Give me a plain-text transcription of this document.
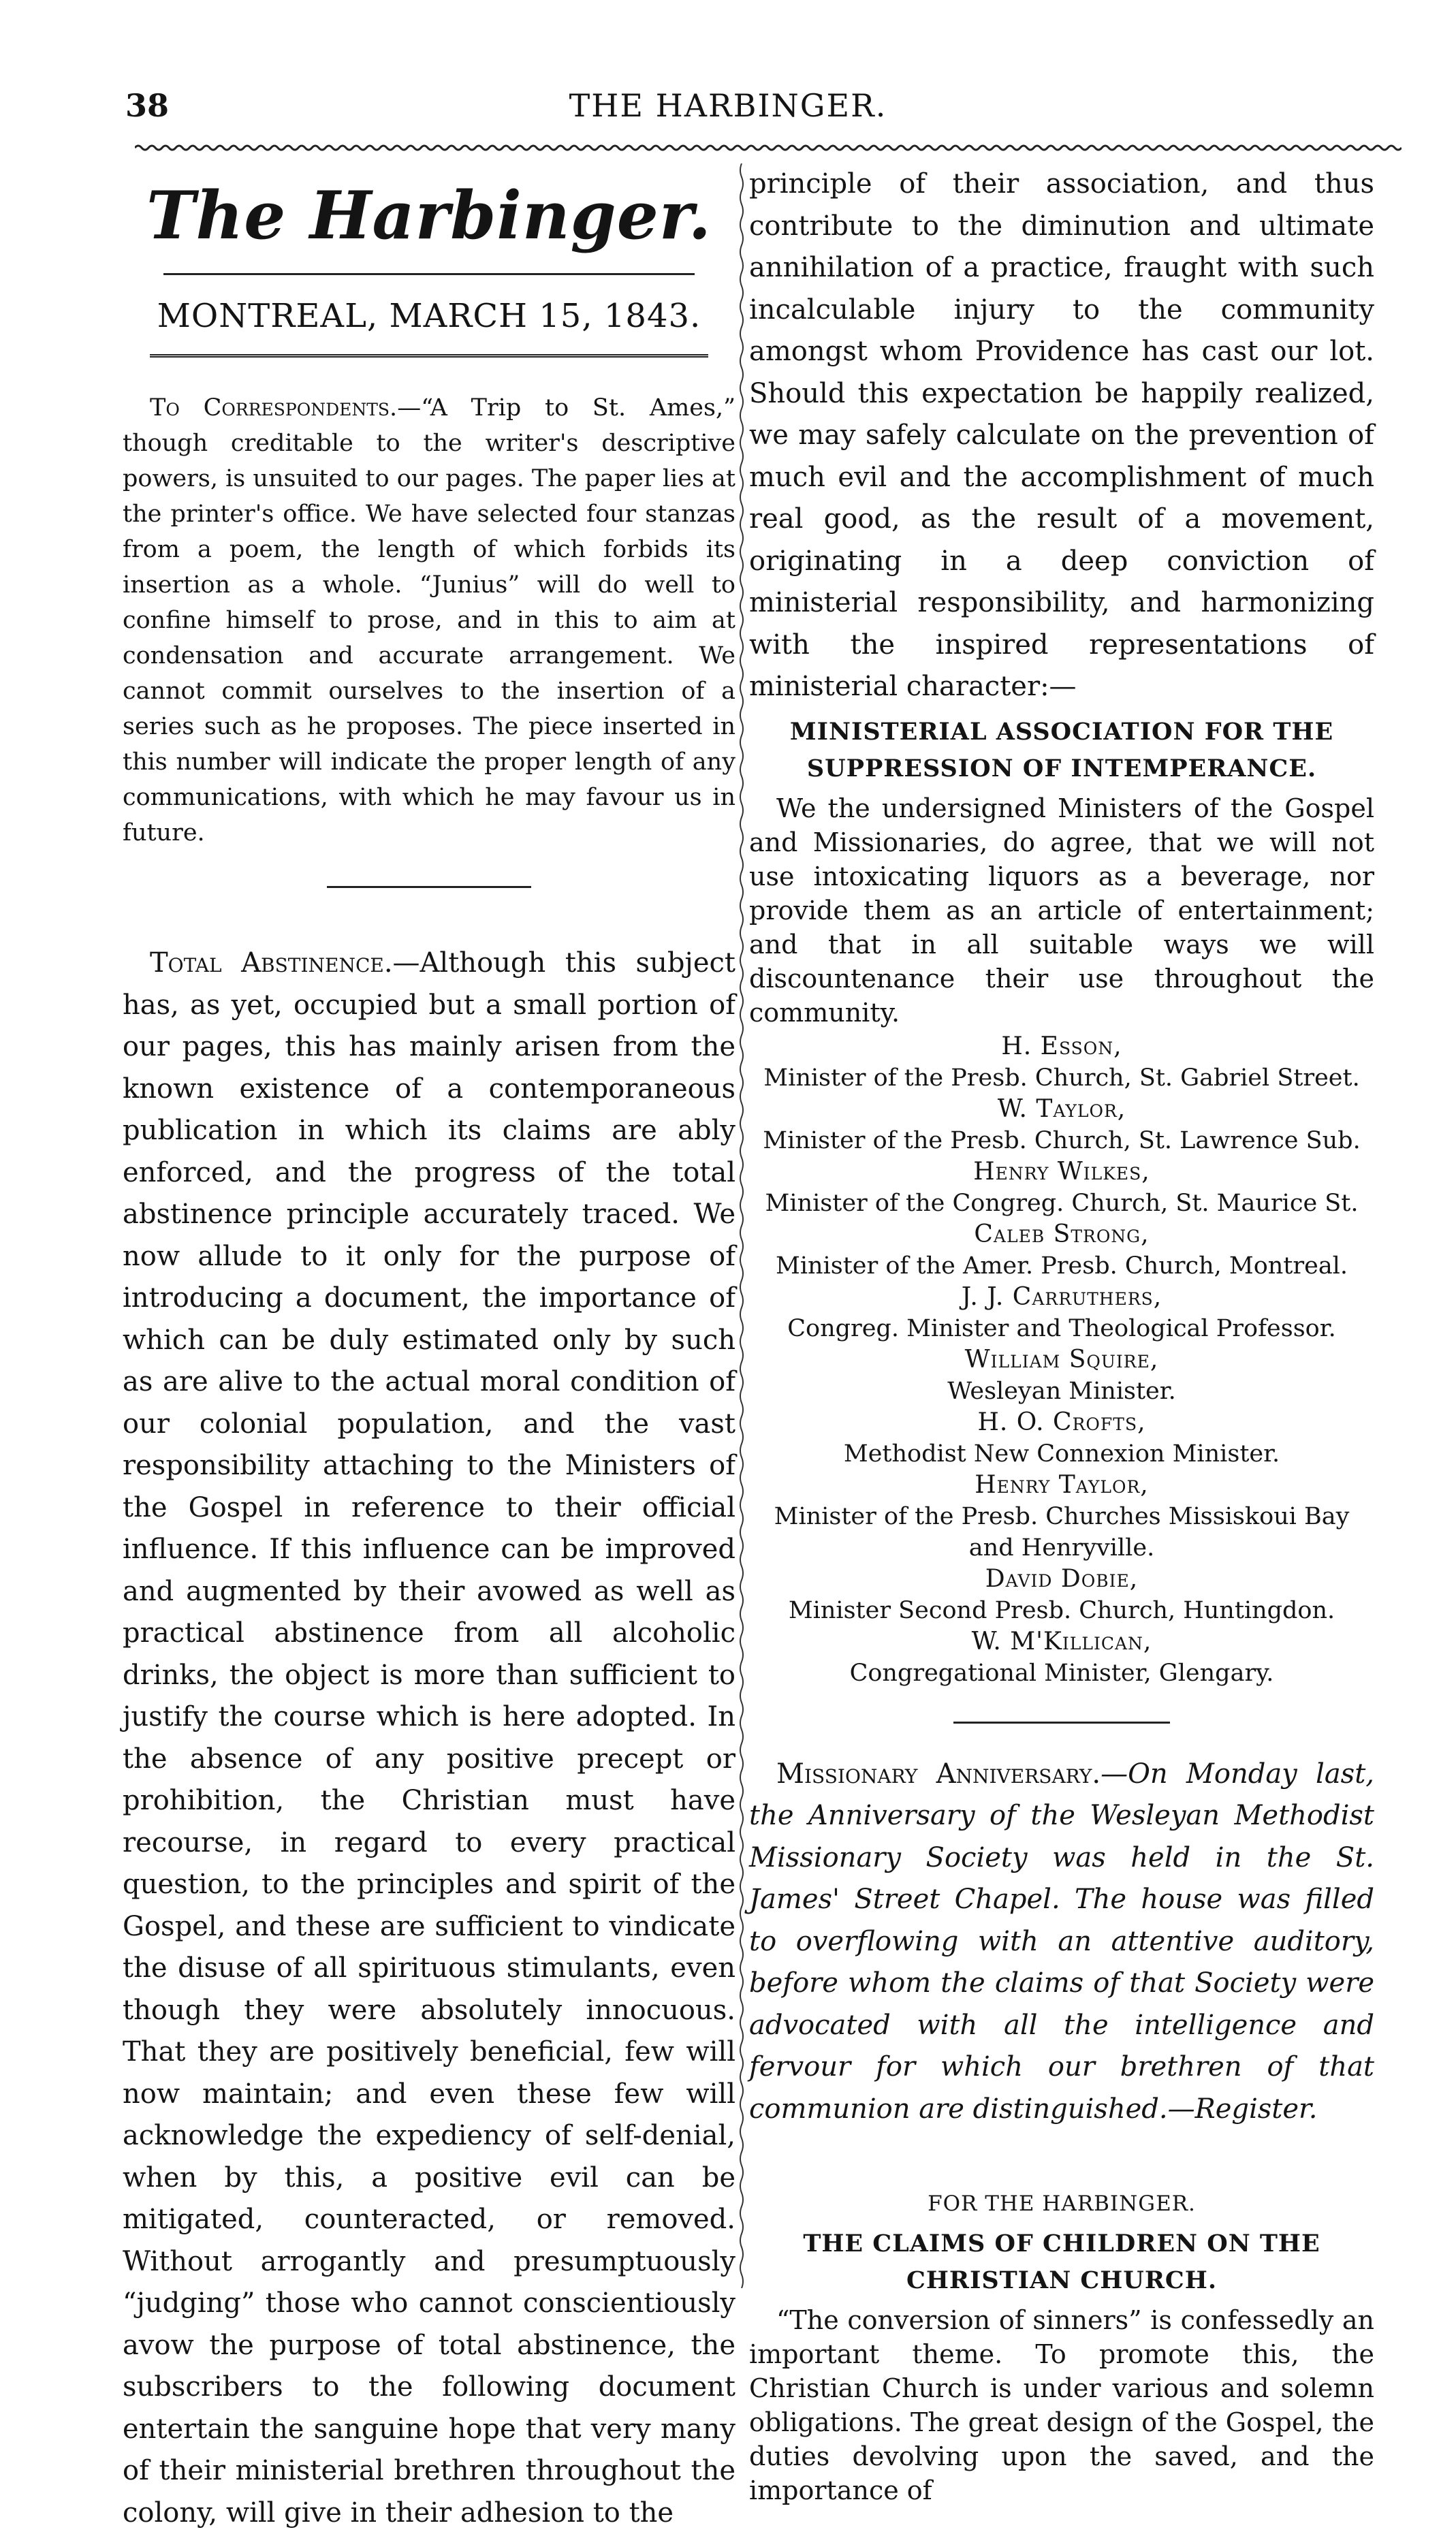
38	THE HARBINGER.
The Harbinger.
MONTREAL, MARCH 15, 1843.

To Correspondents.—“A Trip to St. Ames,” though creditable to the writer's descriptive powers, is unsuited to our pages. The paper lies at the printer's office. We have selected four stanzas from a poem, the length of which forbids its insertion as a whole. “Junius” will do well to confine himself to prose, and in this to aim at condensation and accurate arrangement. We cannot commit ourselves to the insertion of a series such as he proposes. The piece inserted in this number will indicate the proper length of any communications, with which he may favour us in future.

Total Abstinence.—Although this subject has, as yet, occupied but a small portion of our pages, this has mainly arisen from the known existence of a contemporaneous publication in which its claims are ably enforced, and the progress of the total abstinence principle accurately traced. We now allude to it only for the purpose of introducing a document, the importance of which can be duly estimated only by such as are alive to the actual moral condition of our colonial population, and the vast responsibility attaching to the Ministers of the Gospel in reference to their official influence. If this influence can be improved and augmented by their avowed as well as practical abstinence from all alcoholic drinks, the object is more than sufficient to justify the course which is here adopted. In the absence of any positive precept or prohibition, the Christian must have recourse, in regard to every practical question, to the principles and spirit of the Gospel, and these are sufficient to vindicate the disuse of all spirituous stimulants, even though they were absolutely innocuous. That they are positively beneficial, few will now maintain; and even these few will acknowledge the expediency of self-denial, when by this, a positive evil can be mitigated, counteracted, or removed. Without arrogantly and presumptuously “judging” those who cannot conscientiously avow the purpose of total abstinence, the subscribers to the following document entertain the sanguine hope that very many of their ministerial brethren throughout the colony, will give in their adhesion to the

principle of their association, and thus contribute to the diminution and ultimate annihilation of a practice, fraught with such incalculable injury to the community amongst whom Providence has cast our lot. Should this expectation be happily realized, we may safely calculate on the prevention of much evil and the accomplishment of much real good, as the result of a movement, originating in a deep conviction of ministerial responsibility, and harmonizing with the inspired representations of ministerial character:—

MINISTERIAL ASSOCIATION FOR THE SUPPRESSION OF INTEMPERANCE.

We the undersigned Ministers of the Gospel and Missionaries, do agree, that we will not use intoxicating liquors as a beverage, nor provide them as an article of entertainment; and that in all suitable ways we will discountenance their use throughout the community.

H. Esson,
Minister of the Presb. Church, St. Gabriel Street.
W. Taylor,
Minister of the Presb. Church, St. Lawrence Sub.
Henry Wilkes,
Minister of the Congreg. Church, St. Maurice St.
Caleb Strong,
Minister of the Amer. Presb. Church, Montreal.
J. J. Carruthers,
Congreg. Minister and Theological Professor.
William Squire,
Wesleyan Minister.
H. O. Crofts,
Methodist New Connexion Minister.
Henry Taylor,
Minister of the Presb. Churches Missiskoui Bay and Henryville.
David Dobie,
Minister Second Presb. Church, Huntingdon.
W. M'Killican,
Congregational Minister, Glengary.

Missionary Anniversary.—On Monday last, the Anniversary of the Wesleyan Methodist Missionary Society was held in the St. James' Street Chapel. The house was filled to overflowing with an attentive auditory, before whom the claims of that Society were advocated with all the intelligence and fervour for which our brethren of that communion are distinguished.—Register.

FOR THE HARBINGER.
THE CLAIMS OF CHILDREN ON THE CHRISTIAN CHURCH.

“The conversion of sinners” is confessedly an important theme. To promote this, the Christian Church is under various and solemn obligations. The great design of the Gospel, the duties devolving upon the saved, and the importance of
